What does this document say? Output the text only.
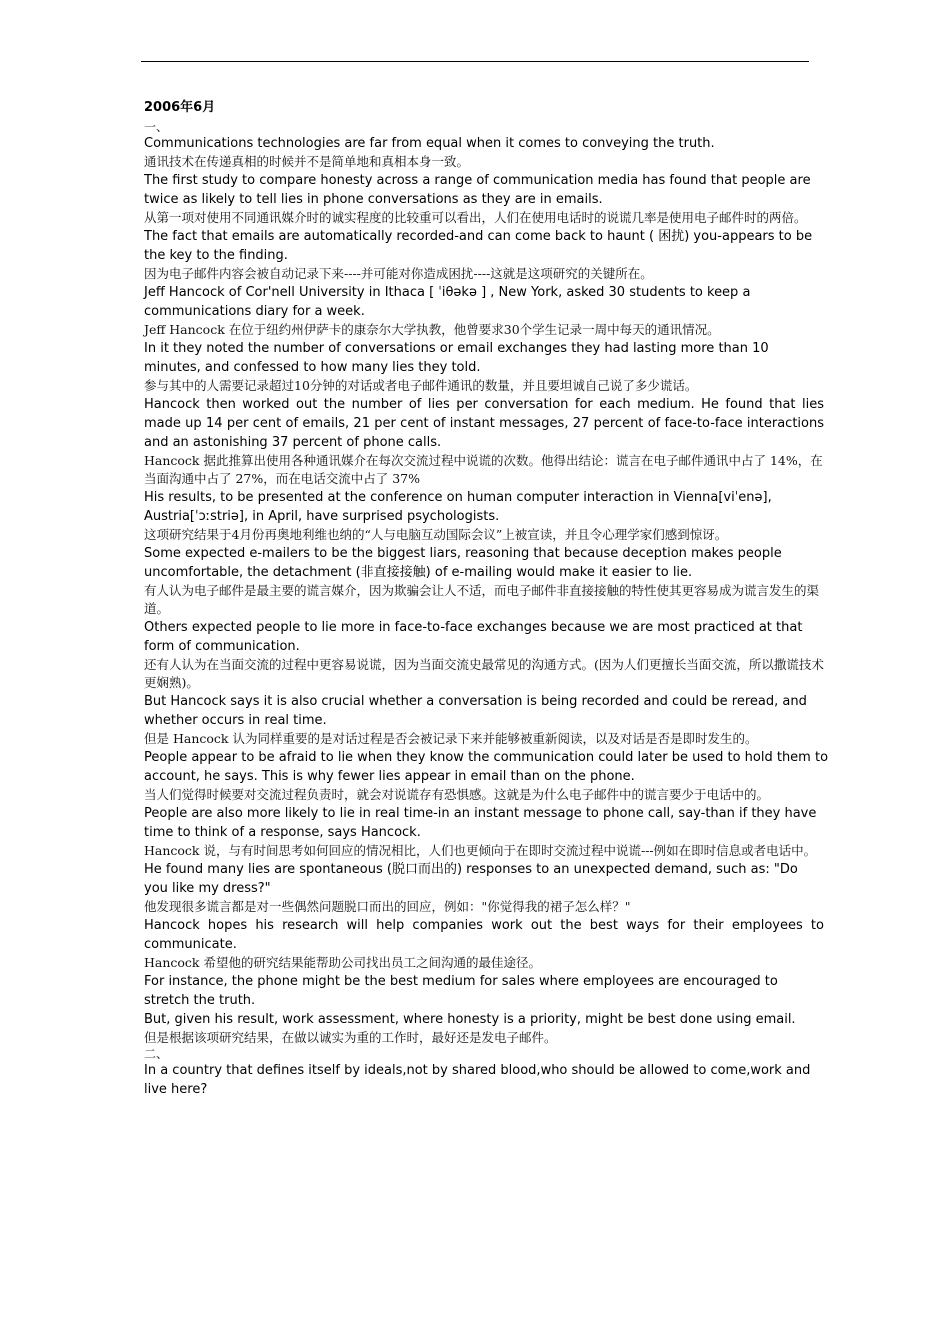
2006年6月
一、
Communications technologies are far from equal when it comes to conveying the truth.
通讯技术在传递真相的时候并不是简单地和真相本身一致。
The first study to compare honesty across a range of communication media has found that people are twice as likely to tell lies in phone conversations as they are in emails.
从第一项对使用不同通讯媒介时的诚实程度的比较重可以看出，人们在使用电话时的说谎几率是使用电子邮件时的两倍。
The fact that emails are automatically recorded-and can come back to haunt ( 困扰) you-appears to be the key to the finding.
因为电子邮件内容会被自动记录下来----并可能对你造成困扰----这就是这项研究的关键所在。
Jeff Hancock of Cor'nell University in Ithaca [ ˈiθəkə ] , New York, asked 30 students to keep a communications diary for a week.
Jeff Hancock 在位于纽约州伊萨卡的康奈尔大学执教，他曾要求30个学生记录一周中每天的通讯情况。
In it they noted the number of conversations or email exchanges they had lasting more than 10 minutes, and confessed to how many lies they told.
参与其中的人需要记录超过10分钟的对话或者电子邮件通讯的数量，并且要坦诚自己说了多少谎话。
Hancock then worked out the number of lies per conversation for each medium. He found that lies made up 14 per cent of emails, 21 per cent of instant messages, 27 percent of face-to-face interactions and an astonishing 37 percent of phone calls.
Hancock 据此推算出使用各种通讯媒介在每次交流过程中说谎的次数。他得出结论：谎言在电子邮件通讯中占了 14%，在当面沟通中占了 27%，而在电话交流中占了 37%
His results, to be presented at the conference on human computer interaction in Vienna[viˈenə], Austria[ˈɔːstriə], in April, have surprised psychologists.
这项研究结果于4月份再奥地利维也纳的“人与电脑互动国际会议”上被宣读，并且令心理学家们感到惊讶。
Some expected e-mailers to be the biggest liars, reasoning that because deception makes people uncomfortable, the detachment (非直接接触) of e-mailing would make it easier to lie.
有人认为电子邮件是最主要的谎言媒介，因为欺骗会让人不适，而电子邮件非直接接触的特性使其更容易成为谎言发生的渠道。
Others expected people to lie more in face-to-face exchanges because we are most practiced at that form of communication.
还有人认为在当面交流的过程中更容易说谎，因为当面交流史最常见的沟通方式。(因为人们更擅长当面交流，所以撒谎技术更娴熟)。
But Hancock says it is also crucial whether a conversation is being recorded and could be reread, and whether occurs in real time.
但是 Hancock 认为同样重要的是对话过程是否会被记录下来并能够被重新阅读，以及对话是否是即时发生的。
People appear to be afraid to lie when they know the communication could later be used to hold them to account, he says. This is why fewer lies appear in email than on the phone.
当人们觉得时候要对交流过程负责时，就会对说谎存有恐惧感。这就是为什么电子邮件中的谎言要少于电话中的。
People are also more likely to lie in real time-in an instant message to phone call, say-than if they have time to think of a response, says Hancock.
Hancock 说，与有时间思考如何回应的情况相比，人们也更倾向于在即时交流过程中说谎---例如在即时信息或者电话中。
He found many lies are spontaneous (脱口而出的) responses to an unexpected demand, such as: "Do you like my dress?"
他发现很多谎言都是对一些偶然问题脱口而出的回应，例如："你觉得我的裙子怎么样？"
Hancock hopes his research will help companies work out the best ways for their employees to communicate.
Hancock 希望他的研究结果能帮助公司找出员工之间沟通的最佳途径。
For instance, the phone might be the best medium for sales where employees are encouraged to stretch the truth.
But, given his result, work assessment, where honesty is a priority, might be best done using email.
但是根据该项研究结果，在做以诚实为重的工作时，最好还是发电子邮件。
二、
In a country that defines itself by ideals,not by shared blood,who should be allowed to come,work and live here?
